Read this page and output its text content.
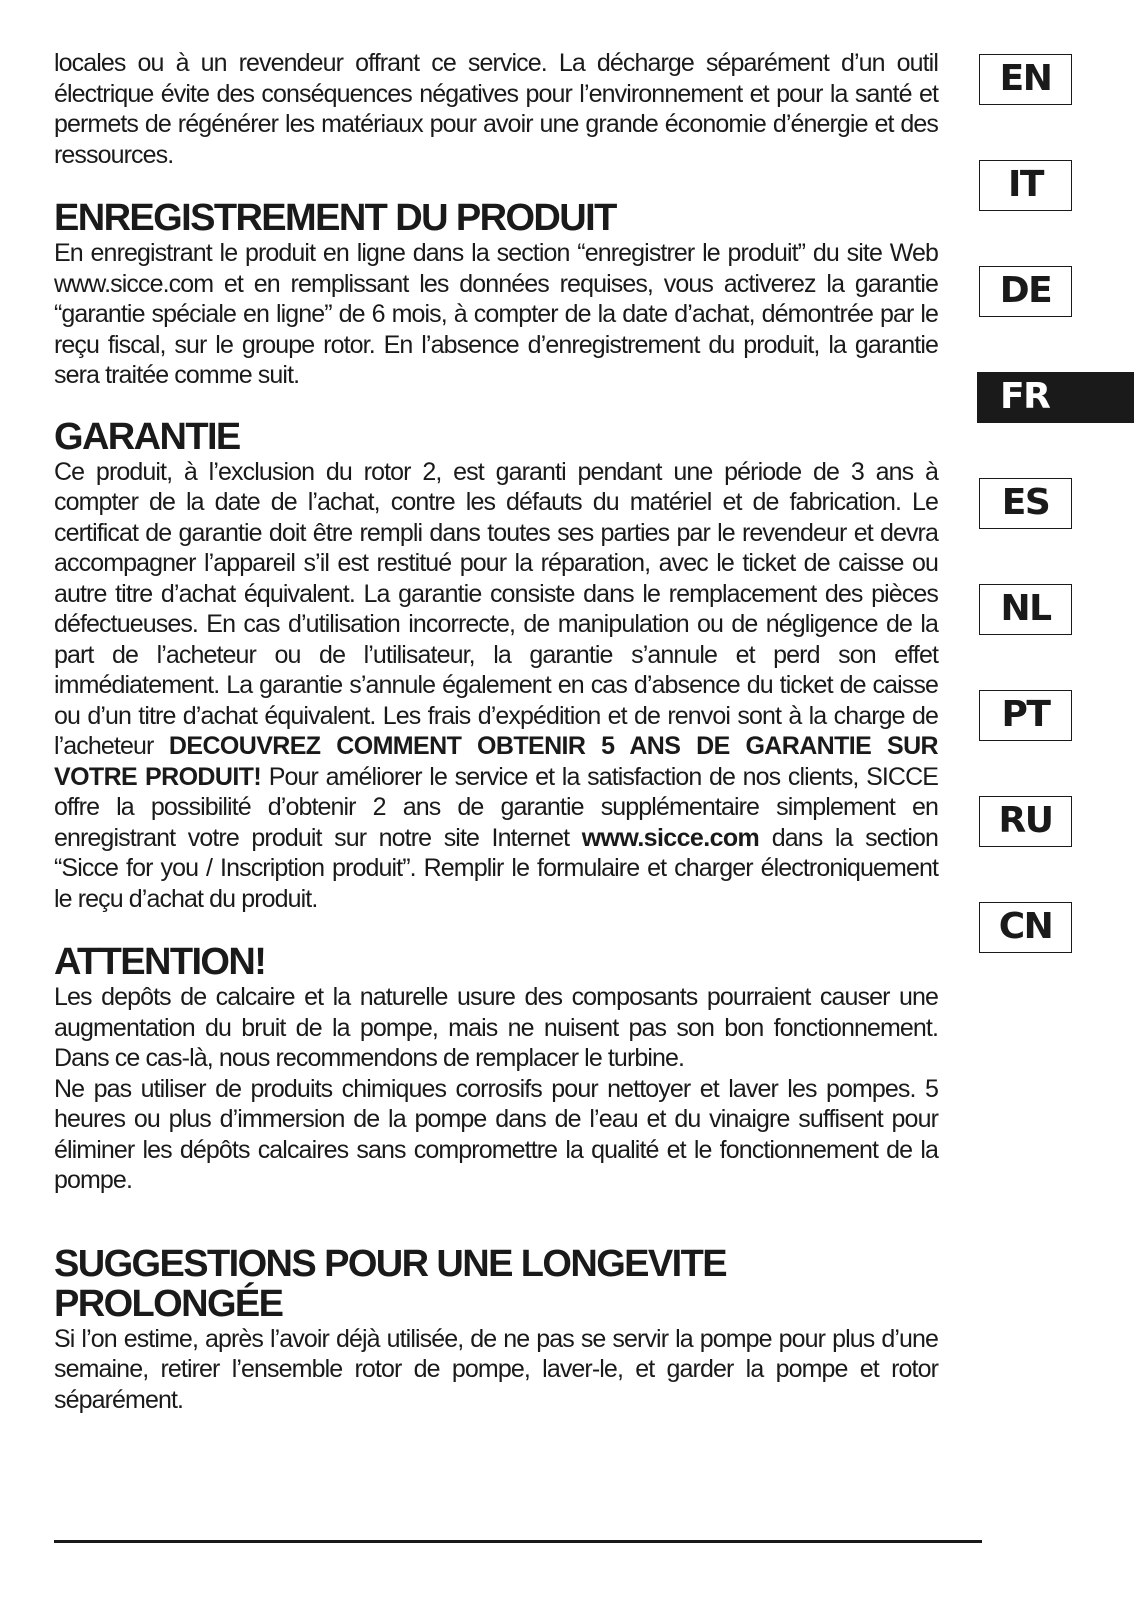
locales ou à un revendeur offrant ce service. La décharge séparément d’un outil électrique évite des conséquences négatives pour l’environnement et pour la santé et permets de régénérer les matériaux pour avoir une grande économie d’énergie et des ressources.

ENREGISTREMENT DU PRODUIT

En enregistrant le produit en ligne dans la section “enregistrer le produit” du site Web www.sicce.com et en remplissant les données requises, vous activerez la garantie “garantie spéciale en ligne” de 6 mois, à compter de la date d’achat, démontrée par le reçu fiscal, sur le groupe rotor. En l’absence d’enregistrement du produit, la garantie sera traitée comme suit.

GARANTIE

Ce produit, à l’exclusion du rotor 2, est garanti pendant une période de 3 ans à compter de la date de l’achat, contre les défauts du matériel et de fabrication. Le certificat de garantie doit être rempli dans toutes ses parties par le revendeur et devra accompagner l’appareil s’il est restitué pour la réparation, avec le ticket de caisse ou autre titre d’achat équivalent. La garantie consiste dans le remplacement des pièces défectueuses. En cas d’utilisation incorrecte, de manipulation ou de négligence de la part de l’acheteur ou de l’utilisateur, la garantie s’annule et perd son effet immédiatement. La garantie s’annule également en cas d’absence du ticket de caisse ou d’un titre d’achat équivalent. Les frais d’expédition et de renvoi sont à la charge de l’acheteur DECOUVREZ COMMENT OBTENIR 5 ANS DE GARANTIE SUR VOTRE PRODUIT! Pour améliorer le service et la satisfaction de nos clients, SICCE offre la possibilité d’obtenir 2 ans de garantie supplémentaire simplement en enregistrant votre produit sur notre site Internet www.sicce.com dans la section “Sicce for you / Inscription produit”. Remplir le formulaire et charger électroniquement le reçu d’achat du produit.

ATTENTION!

Les depôts de calcaire et la naturelle usure des composants pourraient causer une augmentation du bruit de la pompe, mais ne nuisent pas son bon fonctionnement. Dans ce cas-là, nous recommendons de remplacer le turbine.

Ne pas utiliser de produits chimiques corrosifs pour nettoyer et laver les pompes. 5 heures ou plus d’immersion de la pompe dans de l’eau et du vinaigre suffisent pour éliminer les dépôts calcaires sans compromettre la qualité et le fonctionnement de la pompe.

SUGGESTIONS POUR UNE LONGEVITE PROLONGÉE

Si l’on estime, après l’avoir déjà utilisée, de ne pas se servir la pompe pour plus d’une semaine, retirer l’ensemble rotor de pompe, laver-le, et garder la pompe et rotor séparément.

EN
IT
DE
FR
ES
NL
PT
RU
CN
